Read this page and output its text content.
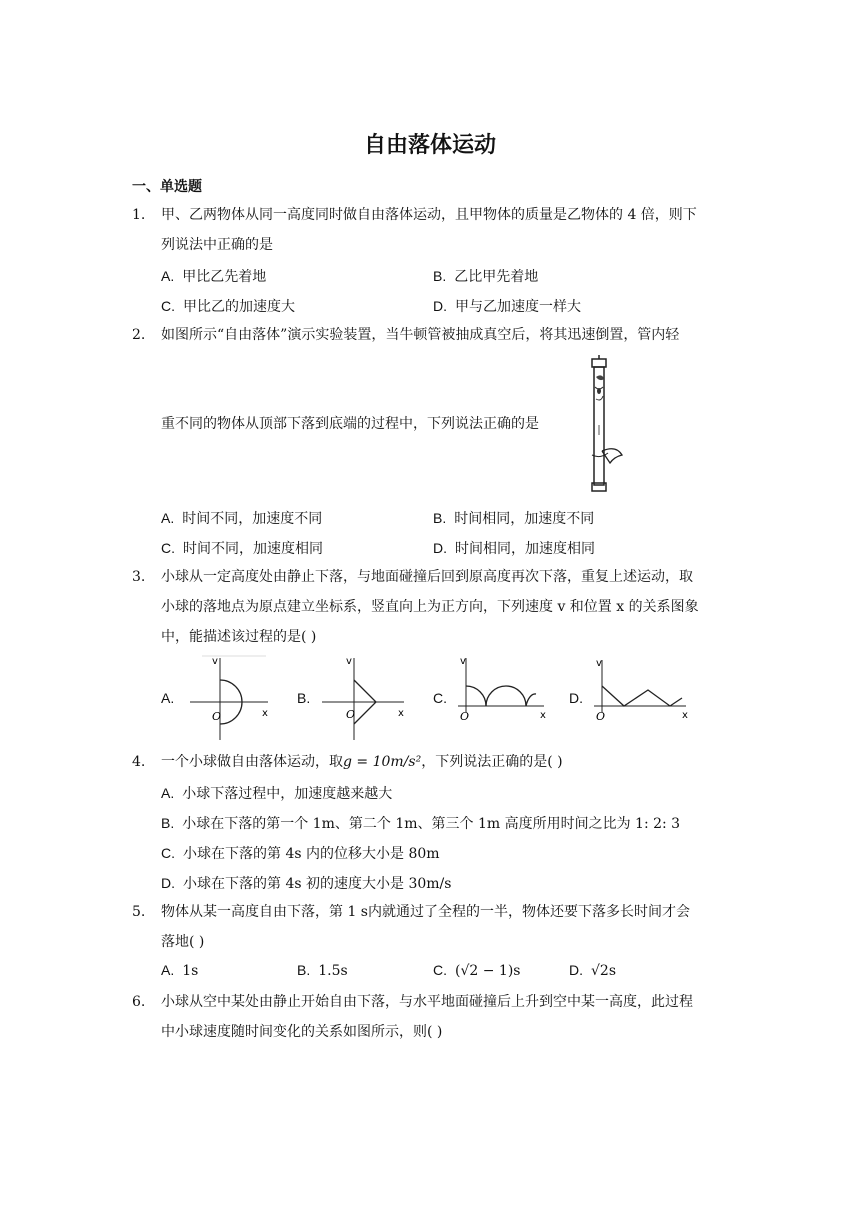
自由落体运动
一、单选题
1. 甲、乙两物体从同一高度同时做自由落体运动，且甲物体的质量是乙物体的 4 倍，则下
列说法中正确的是
A. 甲比乙先着地	B. 乙比甲先着地
C. 甲比乙的加速度大	D. 甲与乙加速度一样大
2. 如图所示“自由落体”演示实验装置，当牛顿管被抽成真空后，将其迅速倒置，管内轻
重不同的物体从顶部下落到底端的过程中，下列说法正确的是
A. 时间不同，加速度不同	B. 时间相同，加速度不同
C. 时间不同，加速度相同	D. 时间相同，加速度相同
3. 小球从一定高度处由静止下落，与地面碰撞后回到原高度再次下落，重复上述运动，取
小球的落地点为原点建立坐标系，竖直向上为正方向，下列速度 v 和位置 x 的关系图象
中，能描述该过程的是( )
A.
v
x
O
B.
v
x
O
C.
v
x
O
D.
v
x
O
4. 一个小球做自由落体运动，取g = 10m/s²，下列说法正确的是( )
A. 小球下落过程中，加速度越来越大
B. 小球在下落的第一个 1m、第二个 1m、第三个 1m 高度所用时间之比为 1: 2: 3
C. 小球在下落的第 4s 内的位移大小是 80m
D. 小球在下落的第 4s 初的速度大小是 30m/s
5. 物体从某一高度自由下落，第 1 s内就通过了全程的一半，物体还要下落多长时间才会
落地( )
A. 1s	B. 1.5s	C. (√2 − 1)s	D. √2s
6. 小球从空中某处由静止开始自由下落，与水平地面碰撞后上升到空中某一高度，此过程
中小球速度随时间变化的关系如图所示，则( )
